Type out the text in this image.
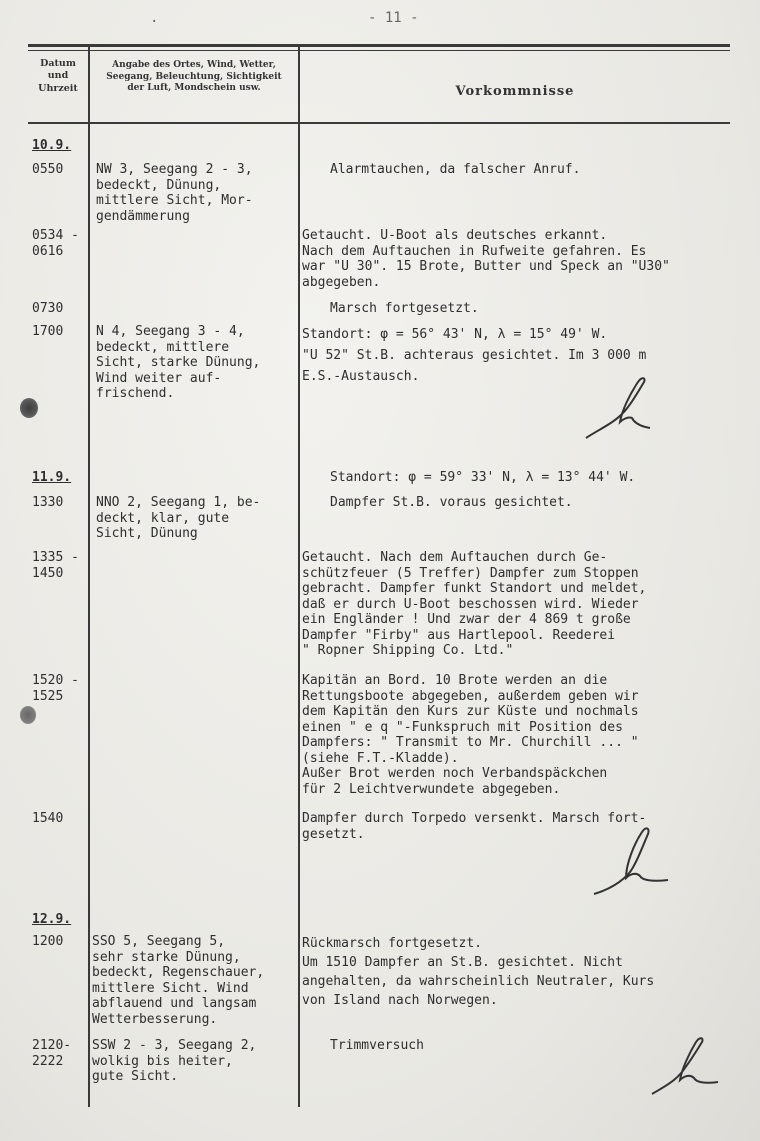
·	- 11 -
Datum
und
Uhrzeit
Angabe des Ortes, Wind, Wetter,
Seegang, Beleuchtung, Sichtigkeit
der Luft, Mondschein usw.	Vorkommnisse
10.9.
0550
0534 -
0616
0730
1700
11.9.
1330
1335 -
1450
1520 -
1525
1540
12.9.
1200
2120-
2222
NW 3, Seegang 2 - 3,
bedeckt, Dünung,
mittlere Sicht, Mor-
gendämmerung
N 4, Seegang 3 - 4,
bedeckt, mittlere
Sicht, starke Dünung,
Wind weiter auf-
frischend.
NNO 2, Seegang 1, be-
deckt, klar, gute
Sicht, Dünung
SSO 5, Seegang 5,
sehr starke Dünung,
bedeckt, Regenschauer,
mittlere Sicht. Wind
abflauend und langsam
Wetterbesserung.
SSW 2 - 3, Seegang 2,
wolkig bis heiter,
gute Sicht.
Alarmtauchen, da falscher Anruf.
Getaucht. U-Boot als deutsches erkannt.
Nach dem Auftauchen in Rufweite gefahren. Es
war "U 30". 15 Brote, Butter und Speck an "U30"
abgegeben.
Marsch fortgesetzt.
Standort: φ = 56° 43' N, λ = 15° 49' W.
"U 52" St.B. achteraus gesichtet. Im 3 000 m
E.S.-Austausch.
Standort: φ = 59° 33' N, λ = 13° 44' W.
Dampfer St.B. voraus gesichtet.
Getaucht. Nach dem Auftauchen durch Ge-
schützfeuer (5 Treffer) Dampfer zum Stoppen
gebracht. Dampfer funkt Standort und meldet,
daß er durch U-Boot beschossen wird. Wieder
ein Engländer ! Und zwar der 4 869 t große
Dampfer "Firby" aus Hartlepool. Reederei
" Ropner Shipping Co. Ltd."
Kapitän an Bord. 10 Brote werden an die
Rettungsboote abgegeben, außerdem geben wir
dem Kapitän den Kurs zur Küste und nochmals
einen " e q "-Funkspruch mit Position des
Dampfers: " Transmit to Mr. Churchill ... "
(siehe F.T.-Kladde).
Außer Brot werden noch Verbandspäckchen
für 2 Leichtverwundete abgegeben.
Dampfer durch Torpedo versenkt. Marsch fort-
gesetzt.
Rückmarsch fortgesetzt.
Um 1510 Dampfer an St.B. gesichtet. Nicht
angehalten, da wahrscheinlich Neutraler, Kurs
von Island nach Norwegen.
Trimmversuch
